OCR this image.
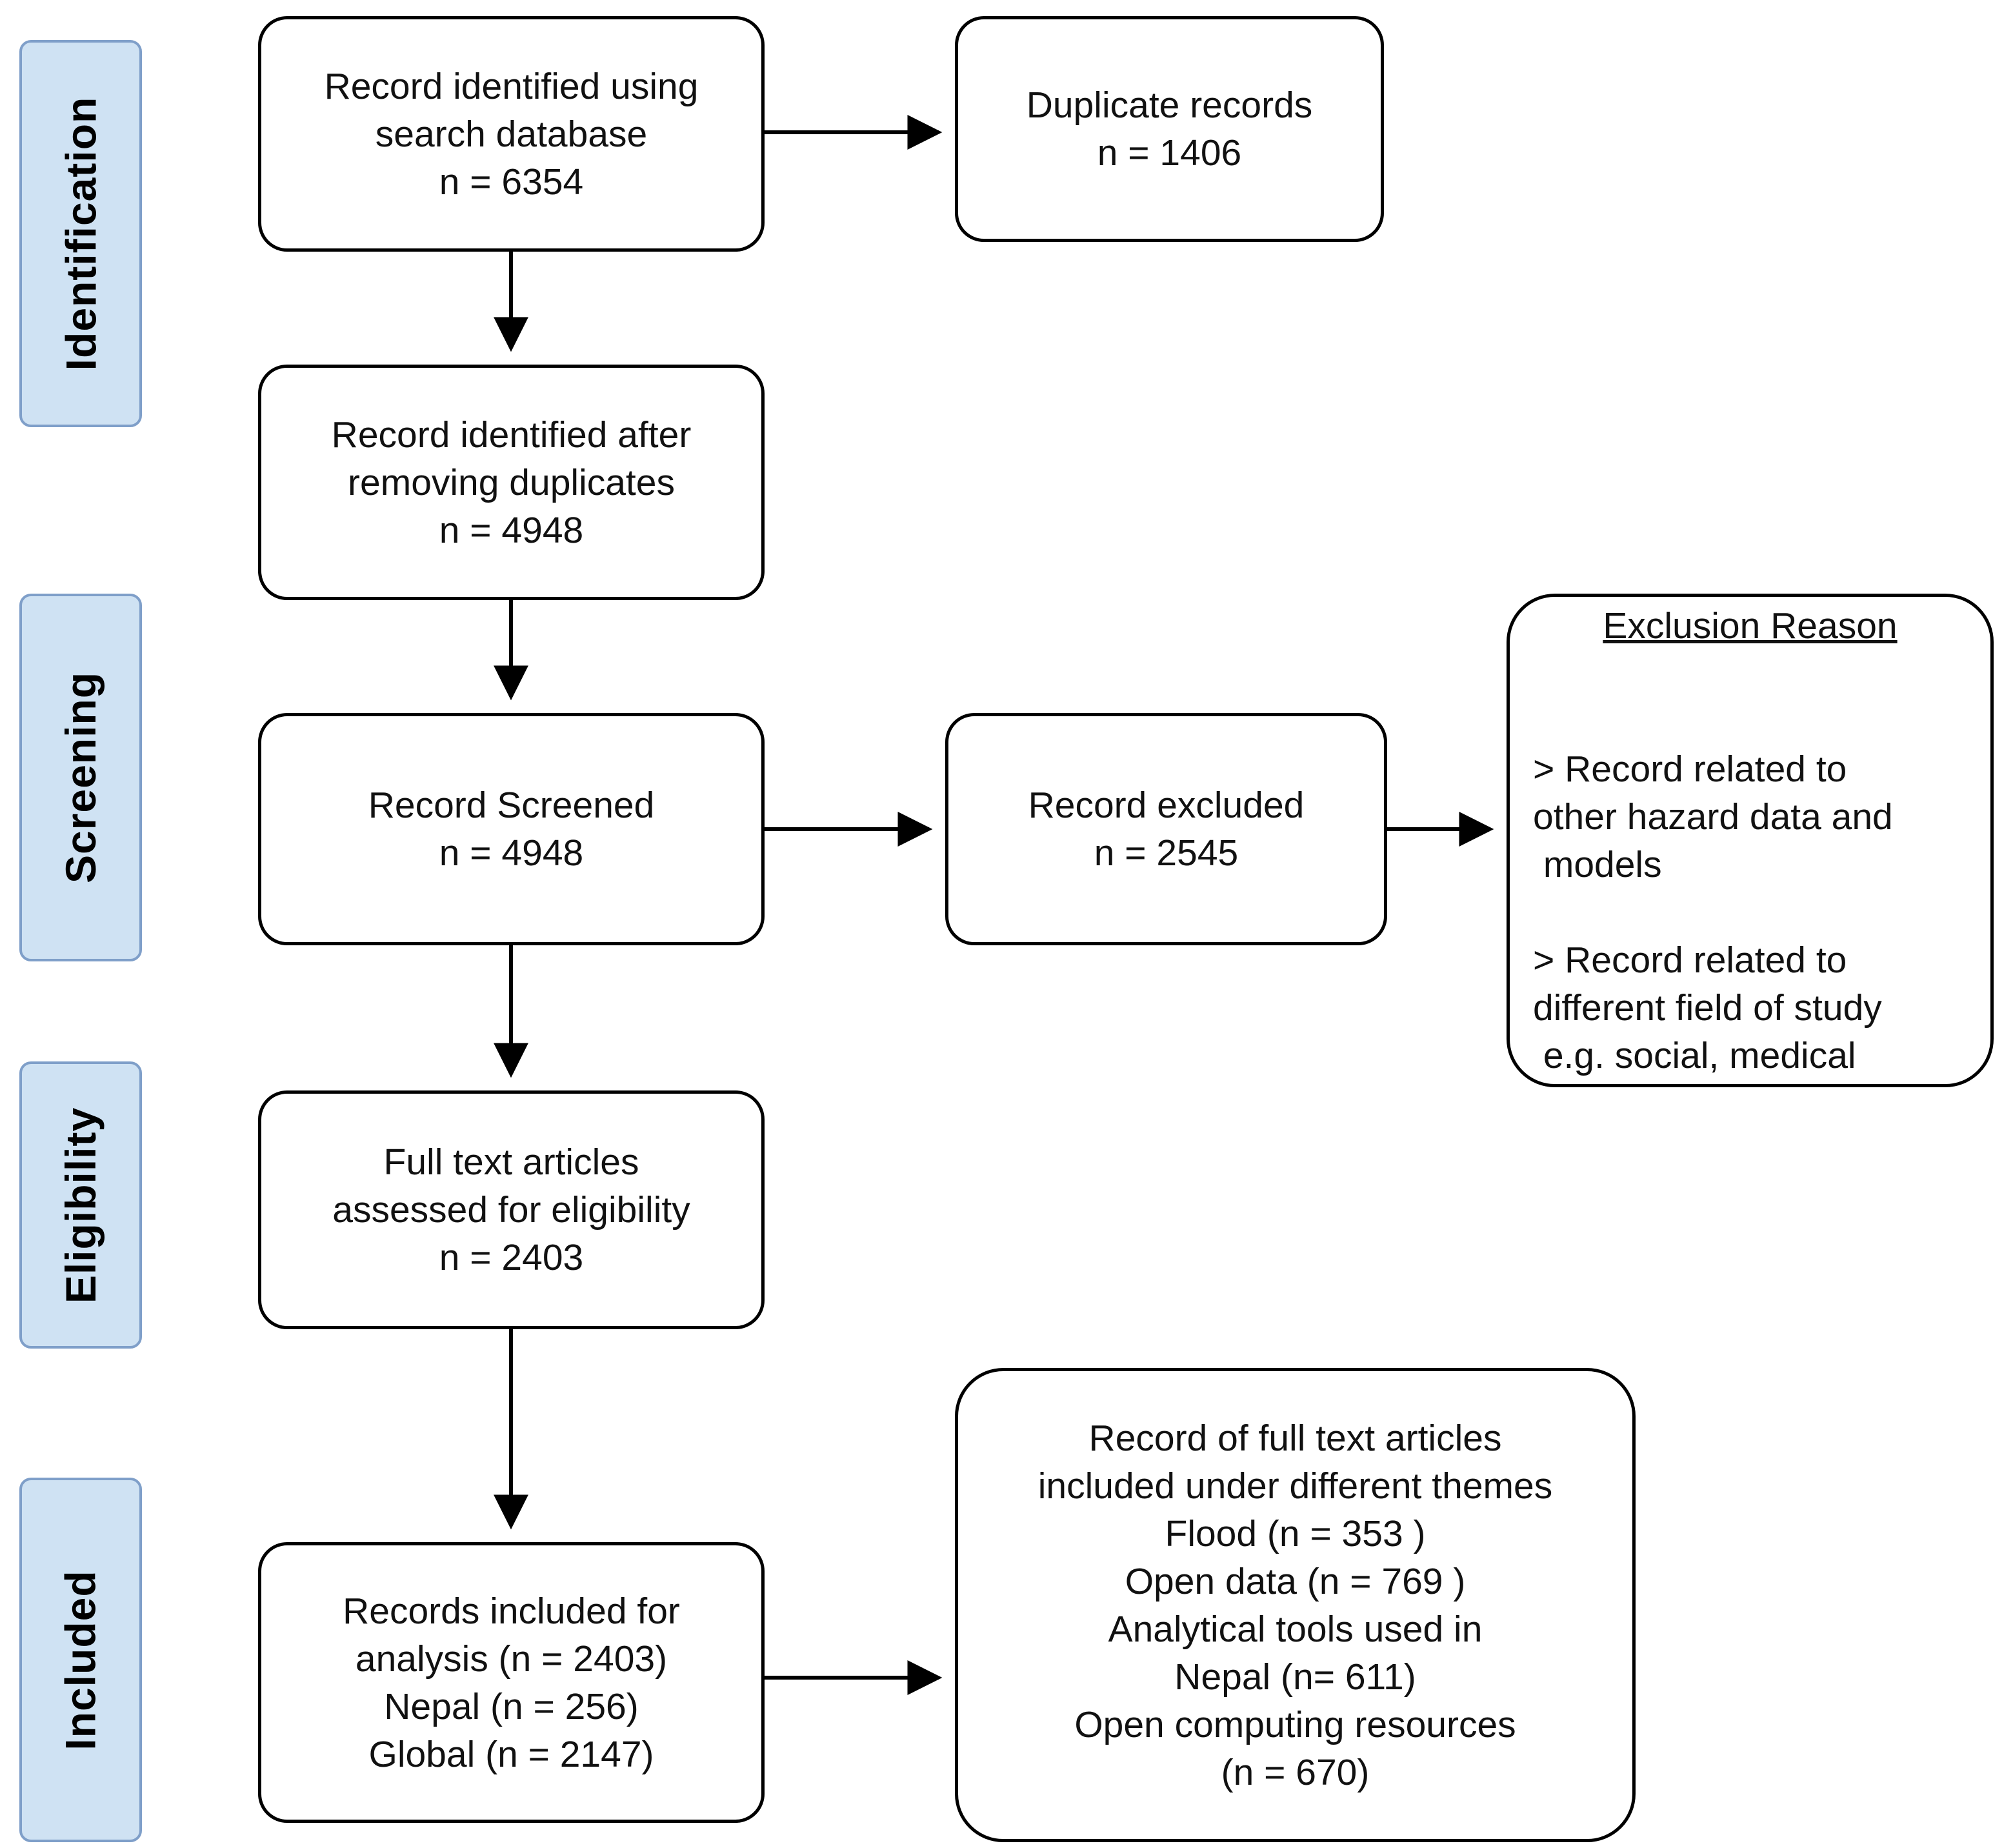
Identification
Screening
Eligibility
Included
Record identified using
search database
n = 6354
Duplicate records
n = 1406
Record identified after
removing duplicates
n = 4948
Record Screened
n = 4948
Record excluded
n = 2545

Exclusion Reason

> Record related to
other hazard data and
models

> Record related to
different field of study
e.g. social, medical

Full text articles
assessed for eligibility
n = 2403
Records included for
analysis (n = 2403)
Nepal (n = 256)
Global (n = 2147)
Record of full text articles
included under different themes
Flood (n = 353 )
Open data (n = 769 )
Analytical tools used in
Nepal (n= 611)
Open computing resources
(n = 670)
